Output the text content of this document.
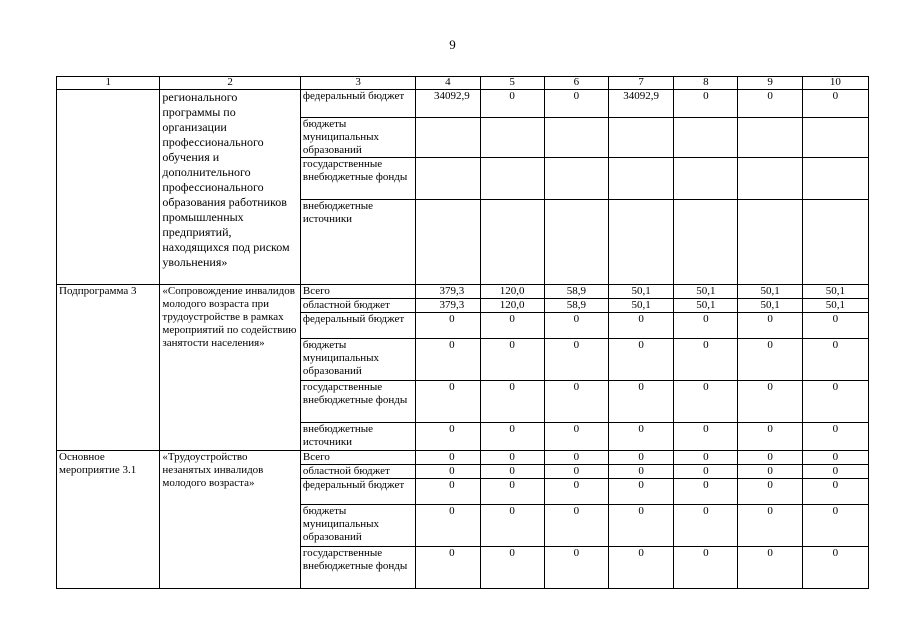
9
1	2	3	4	5	6	7	8	9	10
	регионального программы по организации профессионального обучения и дополнительного профессионального образования работников промышленных предприятий, находящихся под риском увольнения»	федеральный бюджет	34092,9	0	0	34092,9	0	0	0
		бюджеты муниципальных образований							
		государственные внебюджетные фонды							
		внебюджетные источники							
Подпрограмма 3	«Сопровождение инвалидов молодого возраста при трудоустройстве в рамках мероприятий по содействию занятости населения»	Всего	379,3	120,0	58,9	50,1	50,1	50,1	50,1
		областной бюджет	379,3	120,0	58,9	50,1	50,1	50,1	50,1
		федеральный бюджет	0	0	0	0	0	0	0
		бюджеты муниципальных образований	0	0	0	0	0	0	0
		государственные внебюджетные фонды	0	0	0	0	0	0	0
		внебюджетные источники	0	0	0	0	0	0	0
Основное мероприятие 3.1	«Трудоустройство незанятых инвалидов молодого возраста»	Всего	0	0	0	0	0	0	0
		областной бюджет	0	0	0	0	0	0	0
		федеральный бюджет	0	0	0	0	0	0	0
		бюджеты муниципальных образований	0	0	0	0	0	0	0
		государственные внебюджетные фонды	0	0	0	0	0	0	0
